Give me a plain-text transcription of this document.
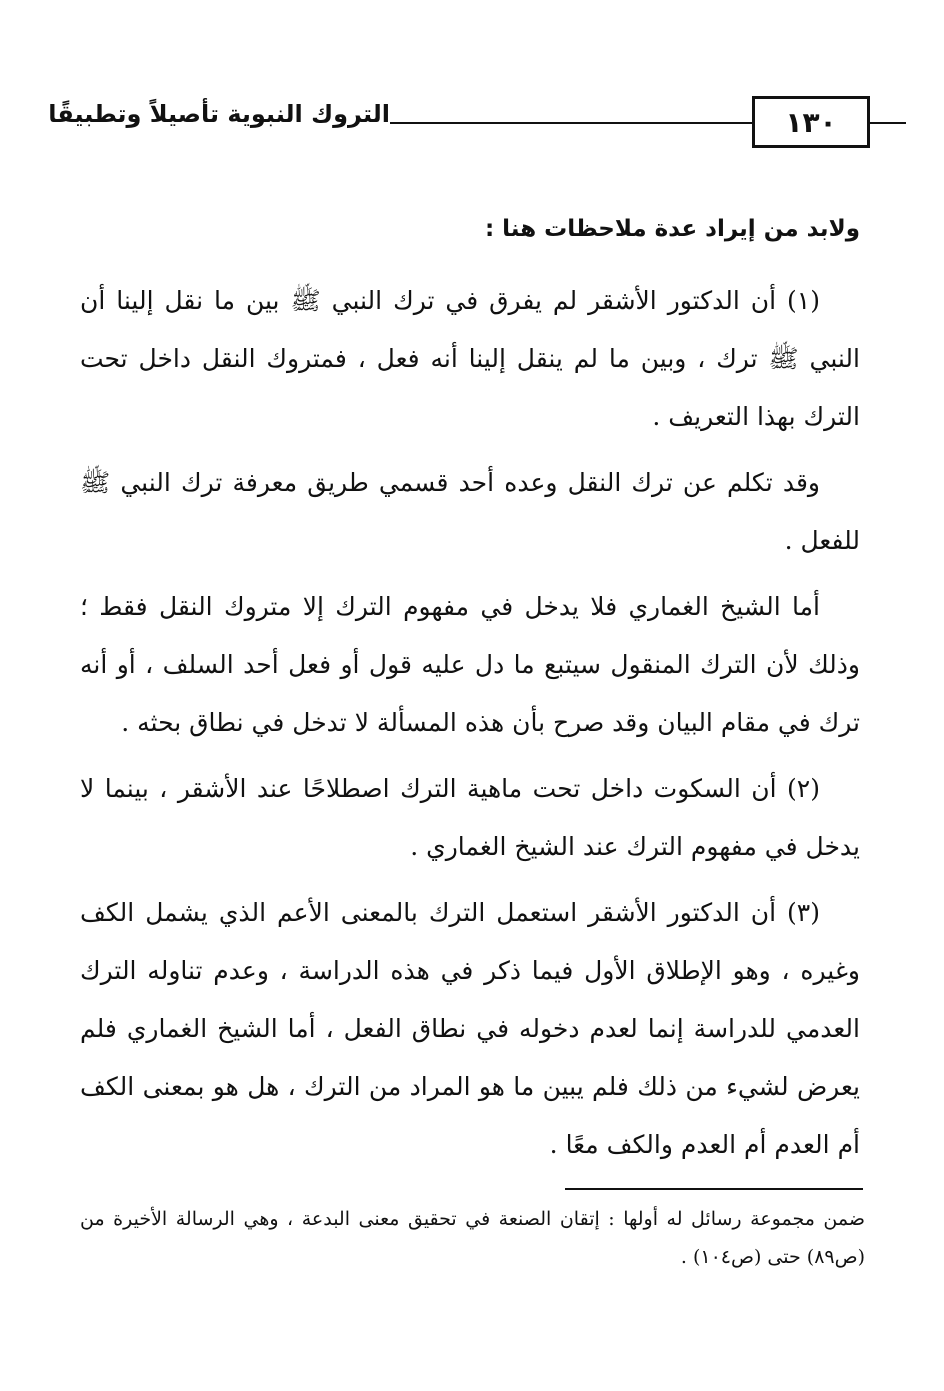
التروك النبوية تأصيلاً وتطبيقًا	١٣٠

ولابد من إيراد عدة ملاحظات هنا :

(١) أن الدكتور الأشقر لم يفرق في ترك النبي ﷺ بين ما نقل إلينا أن النبي ﷺ ترك ، وبين ما لم ينقل إلينا أنه فعل ، فمتروك النقل داخل تحت الترك بهذا التعريف .

وقد تكلم عن ترك النقل وعده أحد قسمي طريق معرفة ترك النبي ﷺ للفعل .

أما الشيخ الغماري فلا يدخل في مفهوم الترك إلا متروك النقل فقط ؛ وذلك لأن الترك المنقول سيتبع ما دل عليه قول أو فعل أحد السلف ، أو أنه ترك في مقام البيان وقد صرح بأن هذه المسألة لا تدخل في نطاق بحثه .

(٢) أن السكوت داخل تحت ماهية الترك اصطلاحًا عند الأشقر ، بينما لا يدخل في مفهوم الترك عند الشيخ الغماري .

(٣) أن الدكتور الأشقر استعمل الترك بالمعنى الأعم الذي يشمل الكف وغيره ، وهو الإطلاق الأول فيما ذكر في هذه الدراسة ، وعدم تناوله الترك العدمي للدراسة إنما لعدم دخوله في نطاق الفعل ، أما الشيخ الغماري فلم يعرض لشيء من ذلك فلم يبين ما هو المراد من الترك ، هل هو بمعنى الكف أم العدم أم العدم والكف معًا .

ضمن مجموعة رسائل له أولها : إتقان الصنعة في تحقيق معنى البدعة ، وهي الرسالة الأخيرة من (ص٨٩) حتى (ص١٠٤) .
